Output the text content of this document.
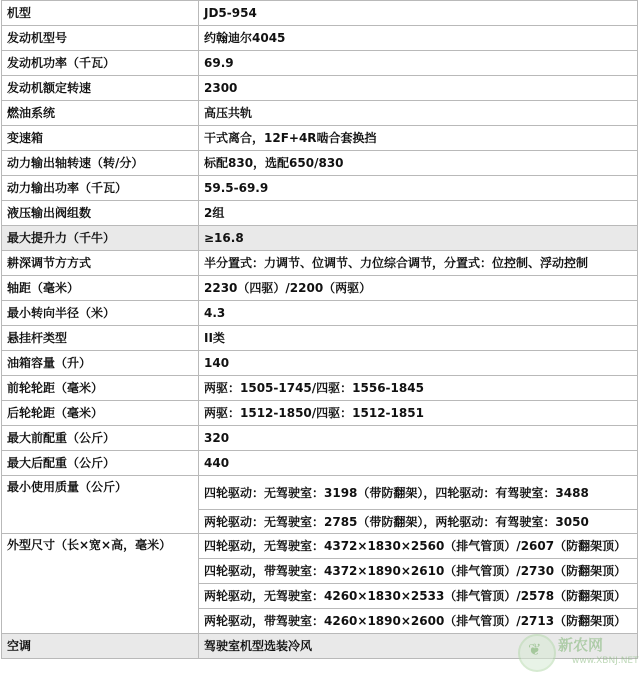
机型	JD5-954
发动机型号	约翰迪尔4045
发动机功率（千瓦）	69.9
发动机额定转速	2300
燃油系统	高压共轨
变速箱	干式离合，12F+4R啮合套换挡
动力输出轴转速（转/分）	标配830，选配650/830
动力输出功率（千瓦）	59.5-69.9
液压输出阀组数	2组
最大提升力（千牛）	≥16.8
耕深调节方方式	半分置式：力调节、位调节、力位综合调节，分置式：位控制、浮动控制
轴距（毫米）	2230（四驱）/2200（两驱）
最小转向半径（米）	4.3
悬挂杆类型	II类
油箱容量（升）	140
前轮轮距（毫米）	两驱：1505-1745/四驱：1556-1845
后轮轮距（毫米）	两驱：1512-1850/四驱：1512-1851
最大前配重（公斤）	320
最大后配重（公斤）	440
最小使用质量（公斤）	四轮驱动：无驾驶室：3198（带防翻架），四轮驱动：有驾驶室：3488
	两轮驱动：无驾驶室：2785（带防翻架），两轮驱动：有驾驶室：3050
外型尺寸（长×宽×高，毫米）	四轮驱动，无驾驶室：4372×1830×2560（排气管顶）/2607（防翻架顶）
	四轮驱动，带驾驶室：4372×1890×2610（排气管顶）/2730（防翻架顶）
	两轮驱动，无驾驶室：4260×1830×2533（排气管顶）/2578（防翻架顶）
	两轮驱动，带驾驶室：4260×1890×2600（排气管顶）/2713（防翻架顶）
空调	驾驶室机型选装冷风	❦ 新农网
www.XBNJ.NET
